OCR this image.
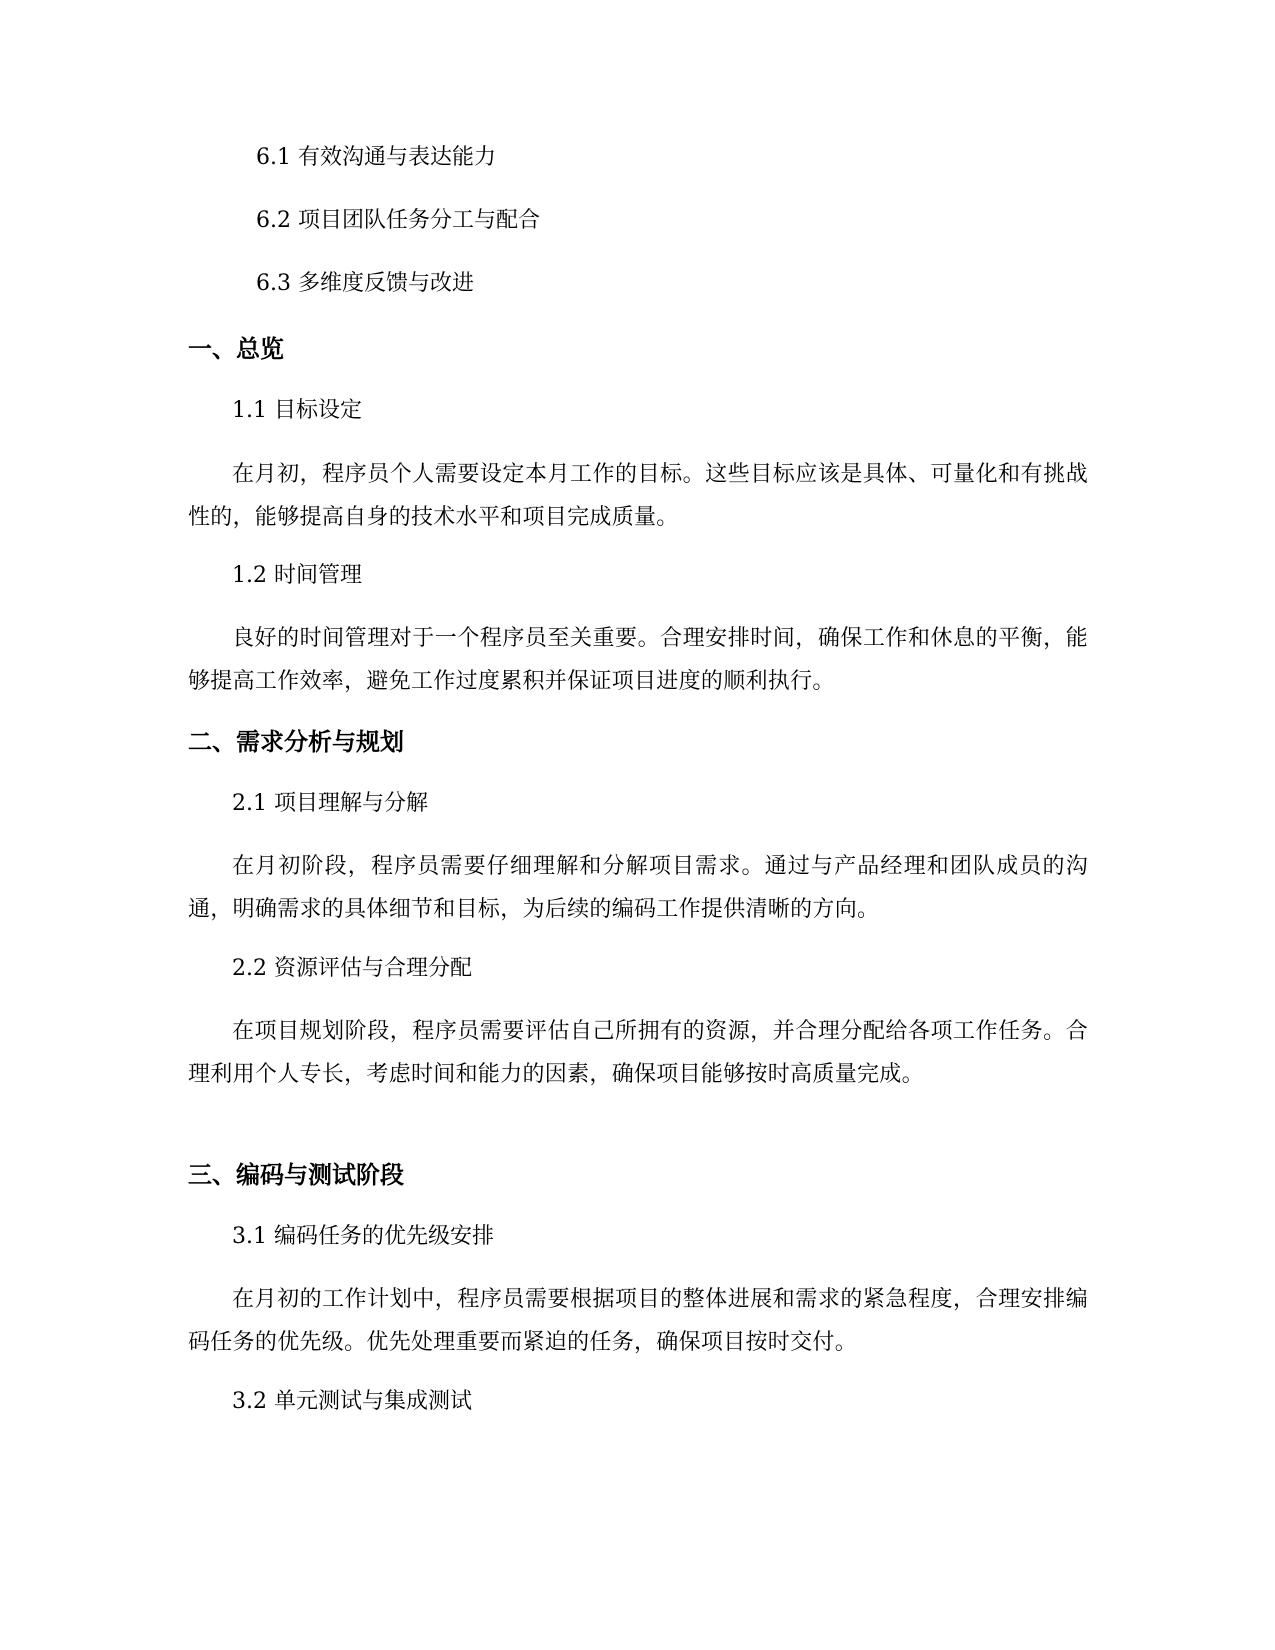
6.1 有效沟通与表达能力
6.2 项目团队任务分工与配合
6.3 多维度反馈与改进
一、总览
1.1 目标设定
在月初，程序员个人需要设定本月工作的目标。这些目标应该是具体、可量化和有挑战性的，能够提高自身的技术水平和项目完成质量。
1.2 时间管理
良好的时间管理对于一个程序员至关重要。合理安排时间，确保工作和休息的平衡，能够提高工作效率，避免工作过度累积并保证项目进度的顺利执行。
二、需求分析与规划
2.1 项目理解与分解
在月初阶段，程序员需要仔细理解和分解项目需求。通过与产品经理和团队成员的沟通，明确需求的具体细节和目标，为后续的编码工作提供清晰的方向。
2.2 资源评估与合理分配
在项目规划阶段，程序员需要评估自己所拥有的资源，并合理分配给各项工作任务。合理利用个人专长，考虑时间和能力的因素，确保项目能够按时高质量完成。
三、编码与测试阶段
3.1 编码任务的优先级安排
在月初的工作计划中，程序员需要根据项目的整体进展和需求的紧急程度，合理安排编码任务的优先级。优先处理重要而紧迫的任务，确保项目按时交付。
3.2 单元测试与集成测试
